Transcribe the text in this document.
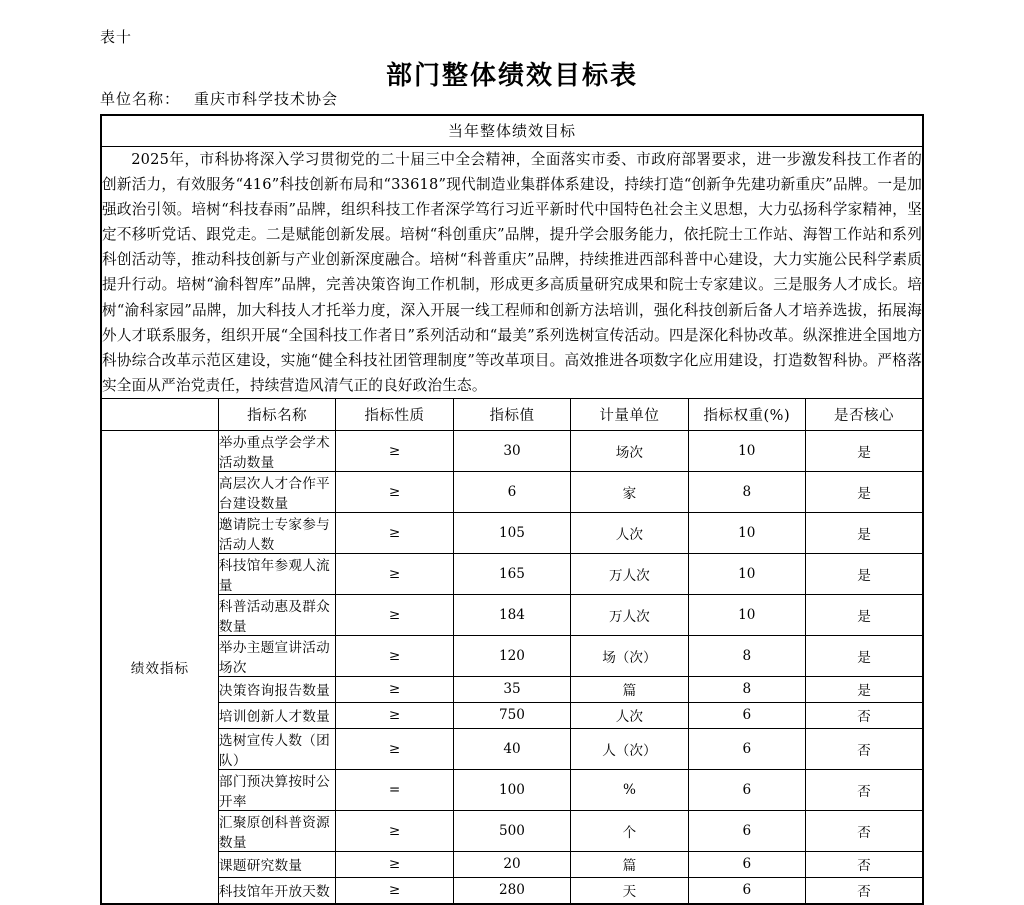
表十
部门整体绩效目标表
单位名称： 重庆市科学技术协会
当年整体绩效目标						

2025年，市科协将深入学习贯彻党的二十届三中全会精神，全面落实市委、市政府部署要求，进一步激发科技工作者的创新活力，有效服务“416”科技创新布局和“33618”现代制造业集群体系建设，持续打造“创新争先建功新重庆”品牌。一是加强政治引领。培树“科技春雨”品牌，组织科技工作者深学笃行习近平新时代中国特色社会主义思想，大力弘扬科学家精神，坚定不移听党话、跟党走。二是赋能创新发展。培树“科创重庆”品牌，提升学会服务能力，依托院士工作站、海智工作站和系列科创活动等，推动科技创新与产业创新深度融合。培树“科普重庆”品牌，持续推进西部科普中心建设，大力实施公民科学素质提升行动。培树“渝科智库”品牌，完善决策咨询工作机制，形成更多高质量研究成果和院士专家建议。三是服务人才成长。培树“渝科家园”品牌，加大科技人才托举力度，深入开展一线工程师和创新方法培训，强化科技创新后备人才培养选拔，拓展海外人才联系服务，组织开展“全国科技工作者日”系列活动和“最美”系列选树宣传活动。四是深化科协改革。纵深推进全国地方科协综合改革示范区建设，实施“健全科技社团管理制度”等改革项目。高效推进各项数字化应用建设，打造数智科协。严格落实全面从严治党责任，持续营造风清气正的良好政治生态。						

	指标名称	指标性质	指标值	计量单位	指标权重(%)	是否核心
绩效指标	举办重点学会学术活动数量	≥	30	场次	10	是
	高层次人才合作平台建设数量	≥	6	家	8	是
	邀请院士专家参与活动人数	≥	105	人次	10	是
	科技馆年参观人流量	≥	165	万人次	10	是
	科普活动惠及群众数量	≥	184	万人次	10	是
	举办主题宣讲活动场次	≥	120	场（次）	8	是
	决策咨询报告数量	≥	35	篇	8	是
	培训创新人才数量	≥	750	人次	6	否
	选树宣传人数（团队）	≥	40	人（次）	6	否
	部门预决算按时公开率	=	100	%	6	否
	汇聚原创科普资源数量	≥	500	个	6	否
	课题研究数量	≥	20	篇	6	否
	科技馆年开放天数	≥	280	天	6	否
